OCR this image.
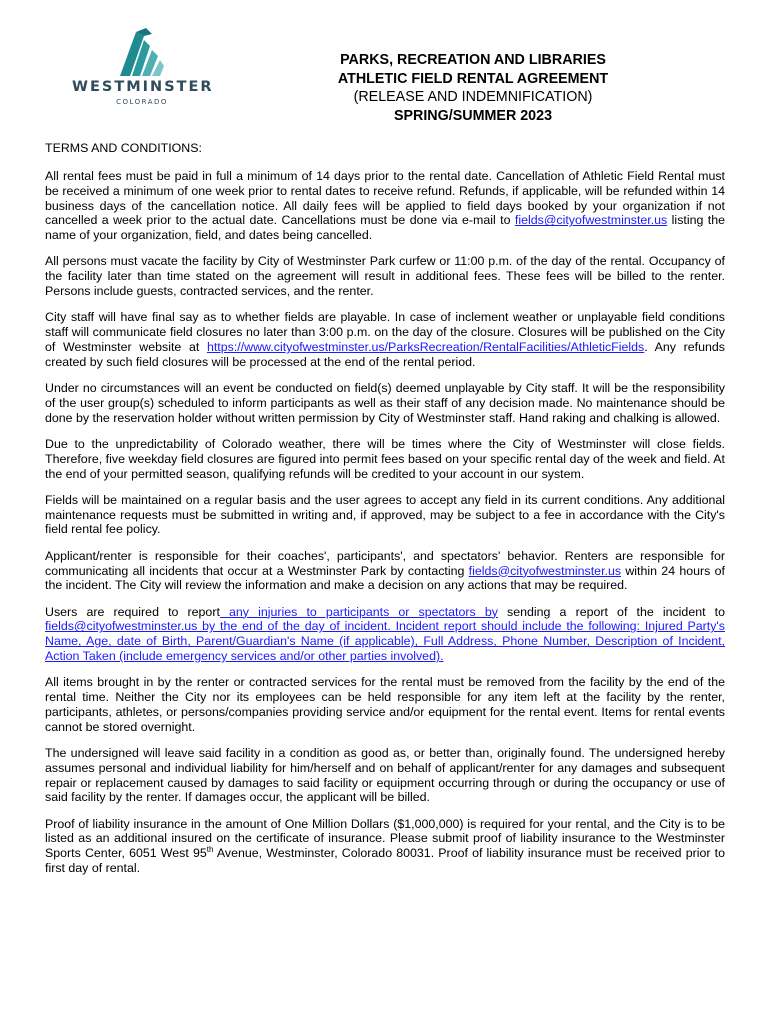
WESTMINSTER
COLORADO
PARKS, RECREATION AND LIBRARIES
ATHLETIC FIELD RENTAL AGREEMENT
(RELEASE AND INDEMNIFICATION)
SPRING/SUMMER 2023
TERMS AND CONDITIONS:

All rental fees must be paid in full a minimum of 14 days prior to the rental date. Cancellation of Athletic Field Rental must be received a minimum of one week prior to rental dates to receive refund. Refunds, if applicable, will be refunded within 14 business days of the cancellation notice. All daily fees will be applied to field days booked by your organization if not cancelled a week prior to the actual date. Cancellations must be done via e-mail to fields@cityofwestminster.us listing the name of your organization, field, and dates being cancelled.

All persons must vacate the facility by City of Westminster Park curfew or 11:00 p.m. of the day of the rental. Occupancy of the facility later than time stated on the agreement will result in additional fees. These fees will be billed to the renter. Persons include guests, contracted services, and the renter.

City staff will have final say as to whether fields are playable. In case of inclement weather or unplayable field conditions staff will communicate field closures no later than 3:00 p.m. on the day of the closure. Closures will be published on the City of Westminster website at https://www.cityofwestminster.us/ParksRecreation/RentalFacilities/AthleticFields. Any refunds created by such field closures will be processed at the end of the rental period.

Under no circumstances will an event be conducted on field(s) deemed unplayable by City staff. It will be the responsibility of the user group(s) scheduled to inform participants as well as their staff of any decision made. No maintenance should be done by the reservation holder without written permission by City of Westminster staff. Hand raking and chalking is allowed.

Due to the unpredictability of Colorado weather, there will be times where the City of Westminster will close fields. Therefore, five weekday field closures are figured into permit fees based on your specific rental day of the week and field. At the end of your permitted season, qualifying refunds will be credited to your account in our system.

Fields will be maintained on a regular basis and the user agrees to accept any field in its current conditions. Any additional maintenance requests must be submitted in writing and, if approved, may be subject to a fee in accordance with the City's field rental fee policy.

Applicant/renter is responsible for their coaches', participants', and spectators' behavior. Renters are responsible for communicating all incidents that occur at a Westminster Park by contacting fields@cityofwestminster.us within 24 hours of the incident. The City will review the information and make a decision on any actions that may be required.

Users are required to report any injuries to participants or spectators by sending a report of the incident to fields@cityofwestminster.us by the end of the day of incident. Incident report should include the following: Injured Party's Name, Age, date of Birth, Parent/Guardian's Name (if applicable), Full Address, Phone Number, Description of Incident, Action Taken (include emergency services and/or other parties involved).

All items brought in by the renter or contracted services for the rental must be removed from the facility by the end of the rental time. Neither the City nor its employees can be held responsible for any item left at the facility by the renter, participants, athletes, or persons/companies providing service and/or equipment for the rental event. Items for rental events cannot be stored overnight.

The undersigned will leave said facility in a condition as good as, or better than, originally found. The undersigned hereby assumes personal and individual liability for him/herself and on behalf of applicant/renter for any damages and subsequent repair or replacement caused by damages to said facility or equipment occurring through or during the occupancy or use of said facility by the renter. If damages occur, the applicant will be billed.

Proof of liability insurance in the amount of One Million Dollars ($1,000,000) is required for your rental, and the City is to be listed as an additional insured on the certificate of insurance. Please submit proof of liability insurance to the Westminster Sports Center, 6051 West 95th Avenue, Westminster, Colorado 80031. Proof of liability insurance must be received prior to first day of rental.
